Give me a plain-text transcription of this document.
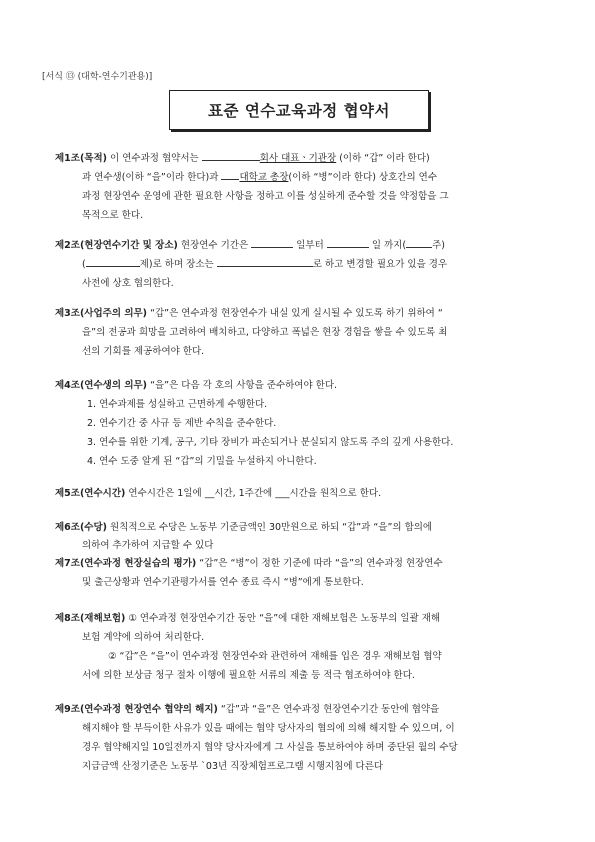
[서식 ⑬ (대학-연수기관용)]
표준 연수교육과정 협약서
제1조(목적) 이 연수과정 협약서는	회사 대표ㆍ기관장 (이하 “갑” 이라 한다)
과 연수생(이하 “을”이라 한다)과 대학교 총장(이하 “병”이라 한다) 상호간의 연수
과정 현장연수 운영에 관한 필요한 사항을 정하고 이를 성실하게 준수할 것을 약정함을 그
목적으로 한다.
제2조(현장연수기간 및 장소) 현장연수 기간은	일부터	일 까지(	주)
(	제)로 하며 장소는	로 하고 변경할 필요가 있을 경우
사전에 상호 협의한다.
제3조(사업주의 의무) “갑”은 연수과정 현장연수가 내실 있게 실시될 수 있도록 하기 위하여 “
을”의 전공과 희망을 고려하여 배치하고, 다양하고 폭넓은 현장 경험을 쌓을 수 있도록 최
선의 기회를 제공하여야 한다.
제4조(연수생의 의무) “을”은 다음 각 호의 사항을 준수하여야 한다.
1. 연수과제를 성실하고 근면하게 수행한다.
2. 연수기간 중 사규 등 제반 수칙을 준수한다.
3. 연수를 위한 기계, 공구, 기타 장비가 파손되거나 분실되지 않도록 주의 깊게 사용한다.
4. 연수 도중 알게 된 “갑”의 기밀을 누설하지 아니한다.
제5조(연수시간) 연수시간은 1일에 __시간, 1주간에 ___시간을 원칙으로 한다.
제6조(수당) 원칙적으로 수당은 노동부 기준금액인 30만원으로 하되 “갑”과 “을”의 합의에
의하여 추가하여 지급할 수 있다
제7조(연수과정 현장실습의 평가) “갑”은 “병”이 정한 기준에 따라 “을”의 연수과정 현장연수
및 출근상황과 연수기관평가서를 연수 종료 즉시 “병”에게 통보한다.
제8조(재해보험) ① 연수과정 현장연수기간 동안 “을”에 대한 재해보험은 노동부의 일괄 재해
보험 계약에 의하여 처리한다.
② “갑”은 “을”이 연수과정 현장연수와 관련하여 재해를 입은 경우 재해보험 협약
서에 의한 보상금 청구 절차 이행에 필요한 서류의 제출 등 적극 협조하여야 한다.
제9조(연수과정 현장연수 협약의 해지) “갑”과 “을”은 연수과정 현장연수기간 동안에 협약을
해지해야 할 부득이한 사유가 있을 때에는 협약 당사자의 협의에 의해 해지할 수 있으며, 이
경우 협약해지일 10일전까지 협약 당사자에게 그 사실을 통보하여야 하며 중단된 월의 수당
지급금액 산정기준은 노동부 `03년 직장체험프로그램 시행지침에 다른다
